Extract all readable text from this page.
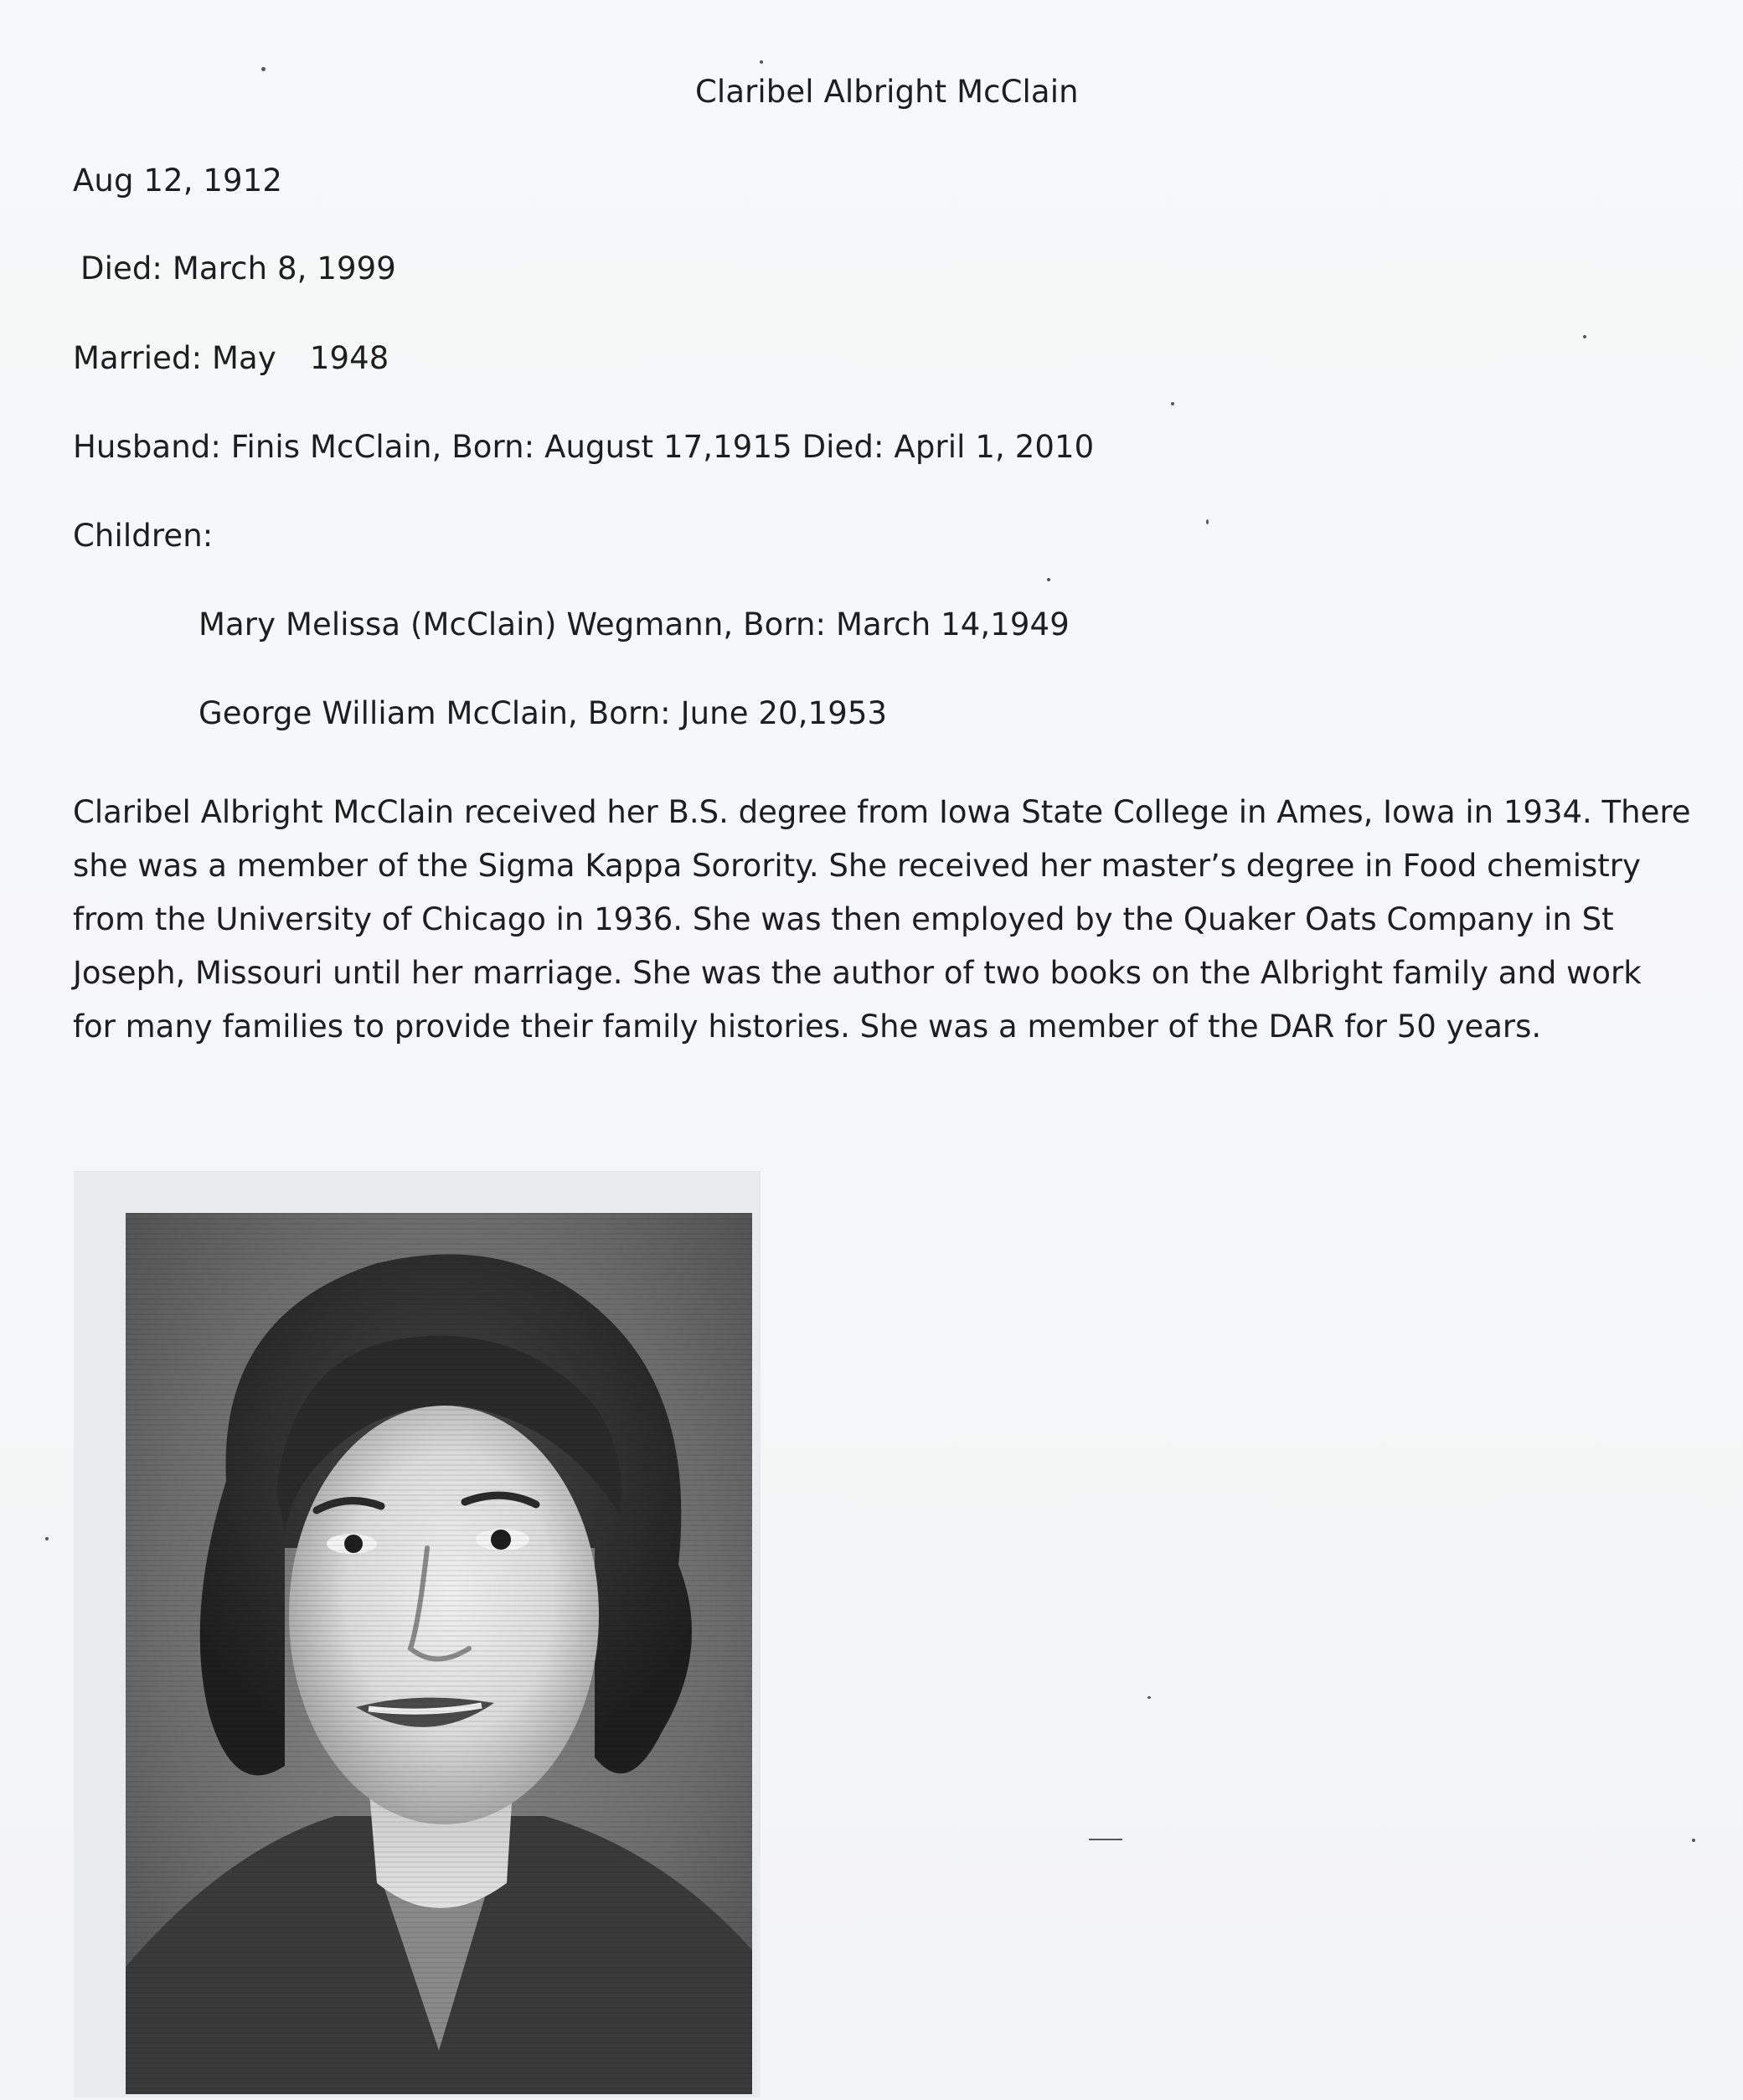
Claribel Albright McClain
Aug 12, 1912
Died: March 8, 1999
Married: May 1948
Husband: Finis McClain, Born: August 17,1915 Died: April 1, 2010
Children:
Mary Melissa (McClain) Wegmann, Born: March 14,1949
George William McClain, Born: June 20,1953

Claribel Albright McClain received her B.S. degree from Iowa State College in Ames, Iowa in 1934. There
she was a member of the Sigma Kappa Sorority. She received her master’s degree in Food chemistry
from the University of Chicago in 1936. She was then employed by the Quaker Oats Company in St
Joseph, Missouri until her marriage. She was the author of two books on the Albright family and work
for many families to provide their family histories. She was a member of the DAR for 50 years.
